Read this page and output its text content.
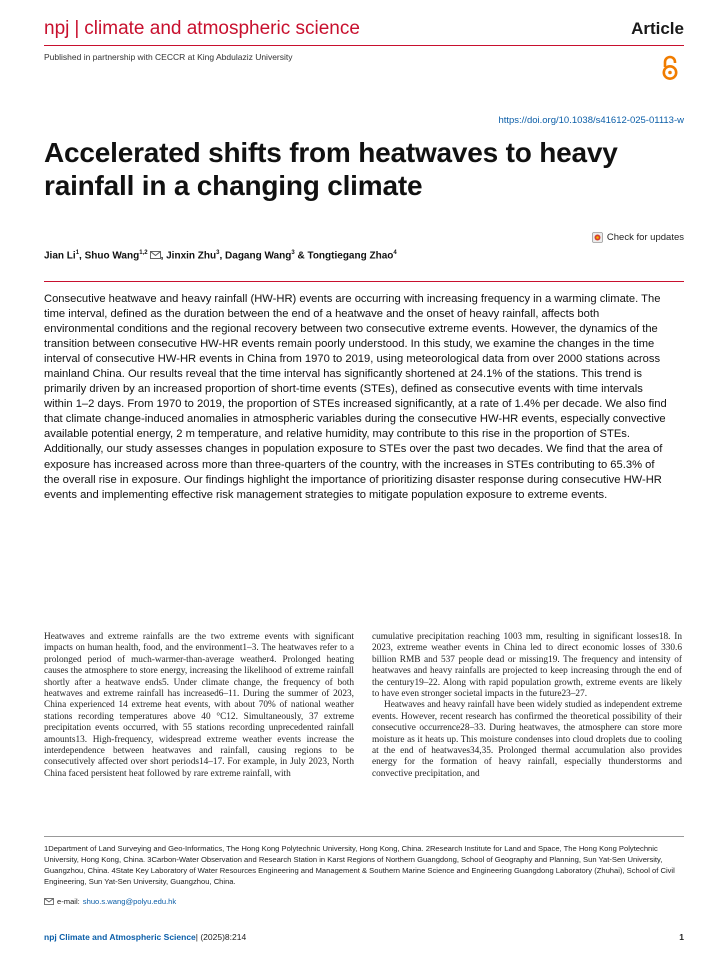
npj | climate and atmospheric science	Article
Published in partnership with CECCR at King Abdulaziz University
https://doi.org/10.1038/s41612-025-01113-w
Accelerated shifts from heatwaves to heavy rainfall in a changing climate
Check for updates
Jian Li$^1$, Shuo Wang$^{1,2}$ , Jinxin Zhu$^3$, Dagang Wang$^3$ & Tongtiegang Zhao$^4$

Consecutive heatwave and heavy rainfall (HW-HR) events are occurring with increasing frequency in a warming climate. The time interval, defined as the duration between the end of a heatwave and the onset of heavy rainfall, affects both environmental conditions and the regional recovery between two consecutive extreme events. However, the dynamics of the transition between consecutive HW-HR events remain poorly understood. In this study, we examine the changes in the time interval of consecutive HW-HR events in China from 1970 to 2019, using meteorological data from over 2000 stations across mainland China. Our results reveal that the time interval has significantly shortened at 24.1% of the stations. This trend is primarily driven by an increased proportion of short-time events (STEs), defined as consecutive events with time intervals within 1–2 days. From 1970 to 2019, the proportion of STEs increased significantly, at a rate of 1.4% per decade. We also find that climate change-induced anomalies in atmospheric variables during the consecutive HW-HR events, especially convective available potential energy, 2 m temperature, and relative humidity, may contribute to this rise in the proportion of STEs. Additionally, our study assesses changes in population exposure to STEs over the past two decades. We find that the area of exposure has increased across more than three-quarters of the country, with the increases in STEs contributing to 65.3% of the overall rise in exposure. Our findings highlight the importance of prioritizing disaster response during consecutive HW-HR events and implementing effective risk management strategies to mitigate population exposure to extreme events.

Heatwaves and extreme rainfalls are the two extreme events with significant impacts on human health, food, and the environment1–3. The heatwaves refer to a prolonged period of much-warmer-than-average weather4. Prolonged heating causes the atmosphere to store energy, increasing the likelihood of extreme rainfall shortly after a heatwave ends5. Under climate change, the frequency of both heatwaves and extreme rainfall has increased6–11. During the summer of 2023, China experienced 14 extreme heat events, with about 70% of national weather stations recording temperatures above 40 °C12. Simultaneously, 37 extreme precipitation events occurred, with 55 stations recording unprecedented rainfall amounts13. High-frequency, widespread extreme weather events increase the interdependence between heatwaves and rainfall, causing regions to be consecutively affected over short periods14–17. For example, in July 2023, North China faced persistent heat followed by rare extreme rainfall, with

cumulative precipitation reaching 1003 mm, resulting in significant losses18. In 2023, extreme weather events in China led to direct economic losses of 330.6 billion RMB and 537 people dead or missing19. The frequency and intensity of heatwaves and heavy rainfalls are projected to keep increasing through the end of the century19–22. Along with rapid population growth, extreme events are likely to have even stronger societal impacts in the future23–27.

Heatwaves and heavy rainfall have been widely studied as independent extreme events. However, recent research has confirmed the theoretical possibility of their consecutive occurrence28–33. During heatwaves, the atmosphere can store more moisture as it heats up. This moisture condenses into cloud droplets due to cooling at the end of heatwaves34,35. Prolonged thermal accumulation also provides energy for the formation of heavy rainfall, especially thunderstorms and convective precipitation, and

1Department of Land Surveying and Geo-Informatics, The Hong Kong Polytechnic University, Hong Kong, China. 2Research Institute for Land and Space, The Hong Kong Polytechnic University, Hong Kong, China. 3Carbon-Water Observation and Research Station in Karst Regions of Northern Guangdong, School of Geography and Planning, Sun Yat-Sen University, Guangzhou, China. 4State Key Laboratory of Water Resources Engineering and Management & Southern Marine Science and Engineering Guangdong Laboratory (Zhuhai), School of Civil Engineering, Sun Yat-Sen University, Guangzhou, China.

e-mail: shuo.s.wang@polyu.edu.hk
npj Climate and Atmospheric Science| (2025)8:214	1
